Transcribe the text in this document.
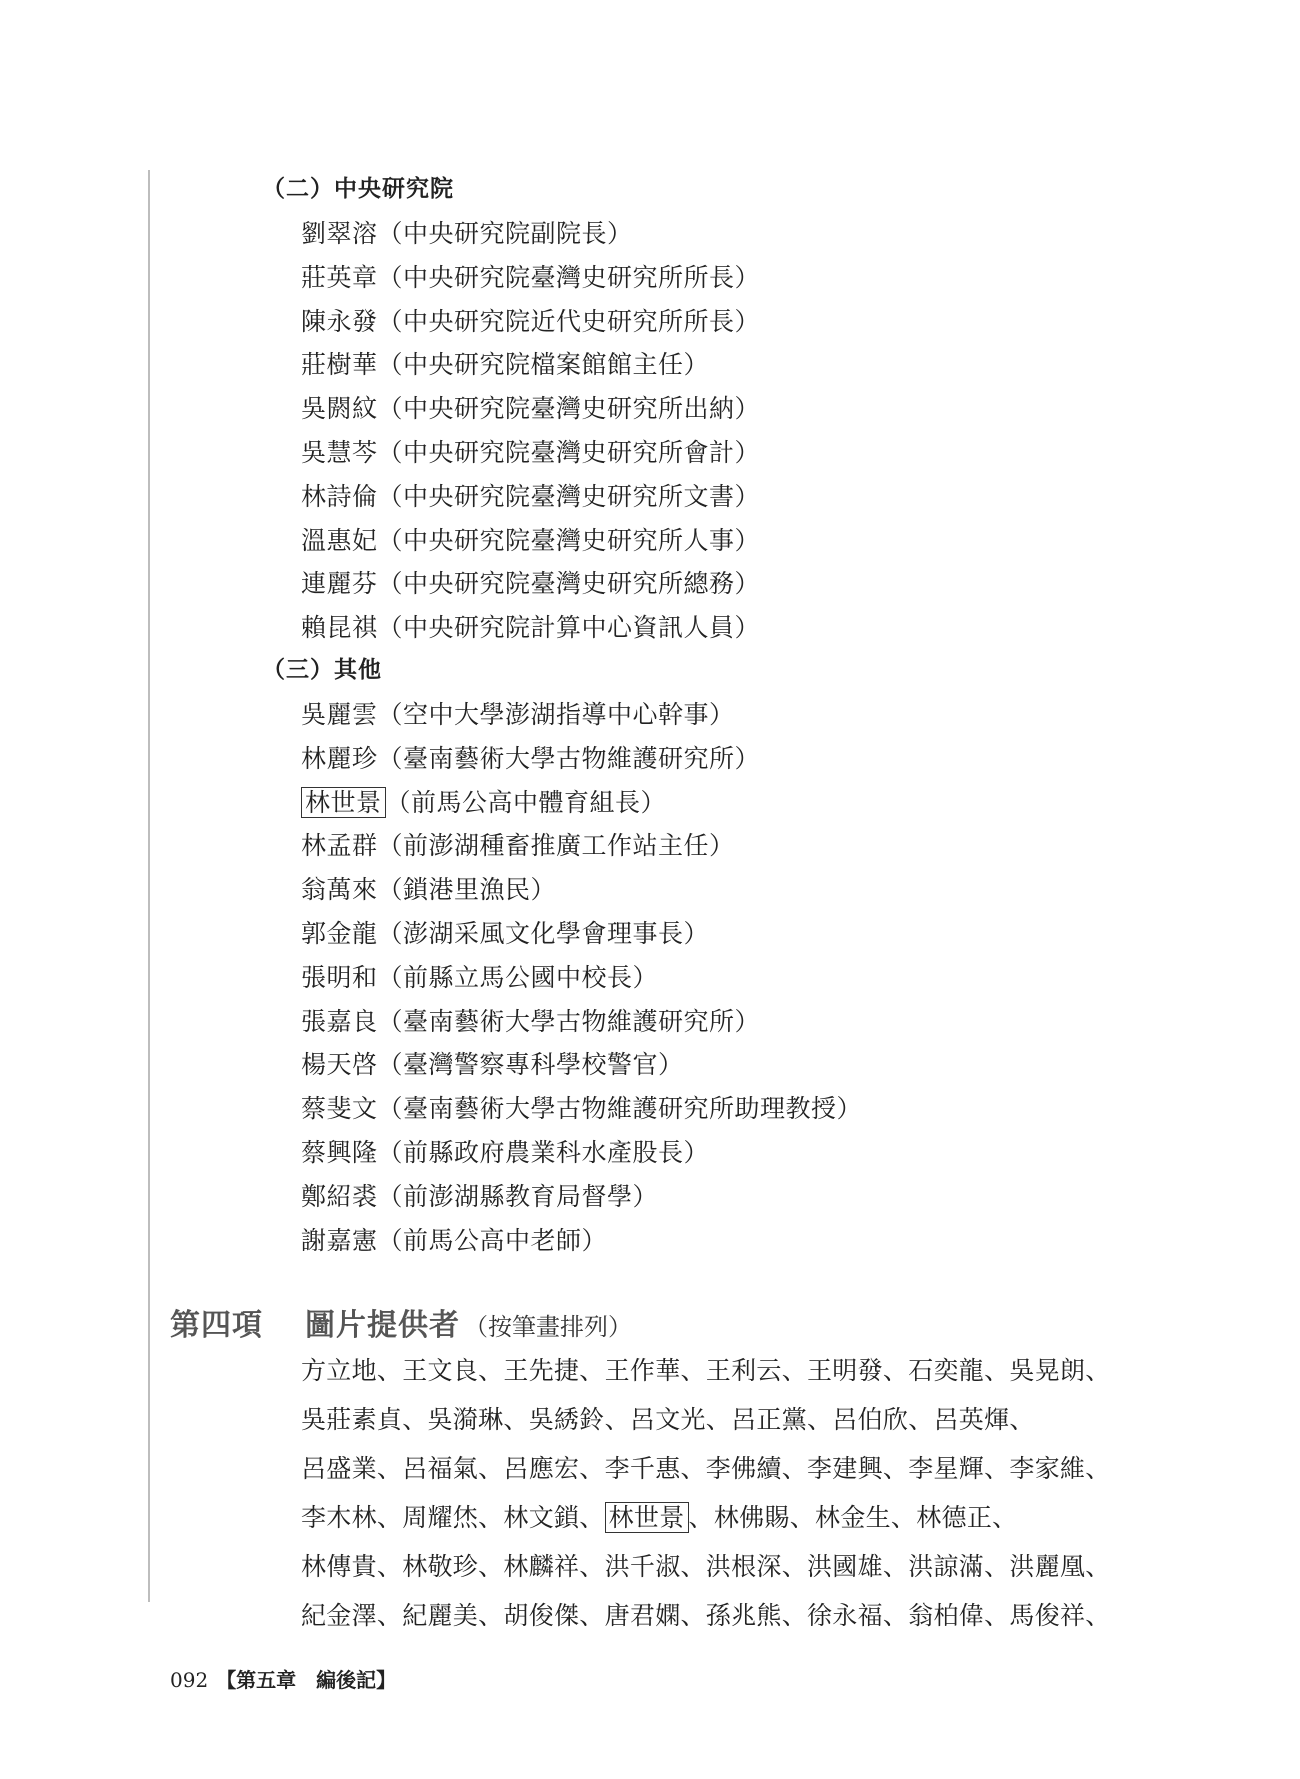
（二）中央研究院
劉翠溶（中央研究院副院長）
莊英章（中央研究院臺灣史研究所所長）
陳永發（中央研究院近代史研究所所長）
莊樹華（中央研究院檔案館館主任）
吳閼紋（中央研究院臺灣史研究所出納）
吳慧芩（中央研究院臺灣史研究所會計）
林詩倫（中央研究院臺灣史研究所文書）
溫惠妃（中央研究院臺灣史研究所人事）
連麗芬（中央研究院臺灣史研究所總務）
賴昆祺（中央研究院計算中心資訊人員）
（三）其他
吳麗雲（空中大學澎湖指導中心幹事）
林麗珍（臺南藝術大學古物維護研究所）
林世景 （前馬公高中體育組長）
林孟群（前澎湖種畜推廣工作站主任）
翁萬來（鎖港里漁民）
郭金龍（澎湖采風文化學會理事長）
張明和（前縣立馬公國中校長）
張嘉良（臺南藝術大學古物維護研究所）
楊天啓（臺灣警察專科學校警官）
蔡斐文（臺南藝術大學古物維護研究所助理教授）
蔡興隆（前縣政府農業科水產股長）
鄭紹裘（前澎湖縣教育局督學）
謝嘉憲（前馬公高中老師）
第四項 圖片提供者 （按筆畫排列）
方立地、王文良、王先捷、王作華、王利云、王明發、石奕龍、吳晃朗、
吳莊素貞、吳漪琳、吳綉鈴、呂文光、呂正黨、呂伯欣、呂英煇、
呂盛業、呂福氣、呂應宏、李千惠、李佛續、李建興、李星輝、李家維、
李木林、周耀烋、林文鎖、 林世景 、林佛賜、林金生、林德正、
林傳貴、林敬珍、林麟祥、洪千淑、洪根深、洪國雄、洪諒滿、洪麗凰、
紀金澤、紀麗美、胡俊傑、唐君嫻、孫兆熊、徐永福、翁柏偉、馬俊祥、
092 【第五章　編後記】
